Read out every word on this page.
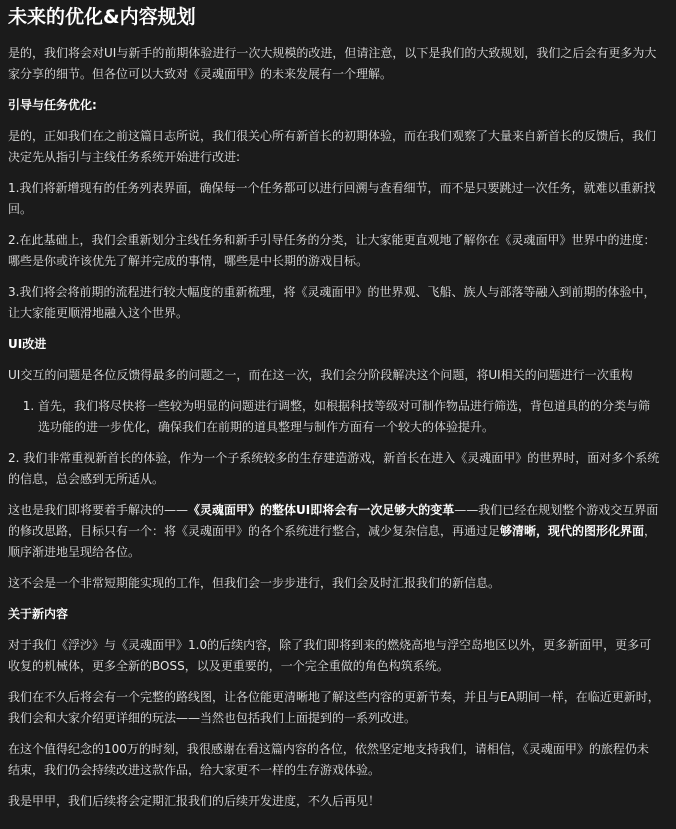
未来的优化&内容规划

是的，我们将会对UI与新手的前期体验进行一次大规模的改进，但请注意，以下是我们的大致规划，我们之后会有更多为大家分享的细节。但各位可以大致对《灵魂面甲》的未来发展有一个理解。

引导与任务优化:

是的，正如我们在之前这篇日志所说，我们很关心所有新首长的初期体验，而在我们观察了大量来自新首长的反馈后，我们决定先从指引与主线任务系统开始进行改进:

1.我们将新增现有的任务列表界面，确保每一个任务都可以进行回溯与查看细节，而不是只要跳过一次任务，就难以重新找回。

2.在此基础上，我们会重新划分主线任务和新手引导任务的分类，让大家能更直观地了解你在《灵魂面甲》世界中的进度：哪些是你或许该优先了解并完成的事情，哪些是中长期的游戏目标。

3.我们将会将前期的流程进行较大幅度的重新梳理，将《灵魂面甲》的世界观、飞船、族人与部落等融入到前期的体验中，让大家能更顺滑地融入这个世界。

UI改进

UI交互的问题是各位反馈得最多的问题之一，而在这一次，我们会分阶段解决这个问题，将UI相关的问题进行一次重构

1. 首先，我们将尽快将一些较为明显的问题进行调整，如根据科技等级对可制作物品进行筛选，背包道具的的分类与筛选功能的进一步优化，确保我们在前期的道具整理与制作方面有一个较大的体验提升。

2. 我们非常重视新首长的体验，作为一个子系统较多的生存建造游戏，新首长在进入《灵魂面甲》的世界时，面对多个系统的信息，总会感到无所适从。

这也是我们即将要着手解决的——《灵魂面甲》的整体UI即将会有一次足够大的变革——我们已经在规划整个游戏交互界面的修改思路，目标只有一个：将《灵魂面甲》的各个系统进行整合，减少复杂信息，再通过足够清晰，现代的图形化界面，顺序渐进地呈现给各位。

这不会是一个非常短期能实现的工作，但我们会一步步进行，我们会及时汇报我们的新信息。

关于新内容

对于我们《浮沙》与《灵魂面甲》1.0的后续内容，除了我们即将到来的燃烧高地与浮空岛地区以外，更多新面甲，更多可收复的机械体，更多全新的BOSS，以及更重要的，一个完全重做的角色构筑系统。

我们在不久后将会有一个完整的路线图，让各位能更清晰地了解这些内容的更新节奏，并且与EA期间一样，在临近更新时，我们会和大家介绍更详细的玩法——当然也包括我们上面提到的一系列改进。

在这个值得纪念的100万的时刻，我很感谢在看这篇内容的各位，依然坚定地支持我们，请相信，《灵魂面甲》的旅程仍未结束，我们仍会持续改进这款作品，给大家更不一样的生存游戏体验。

我是甲甲，我们后续将会定期汇报我们的后续开发进度，不久后再见！
